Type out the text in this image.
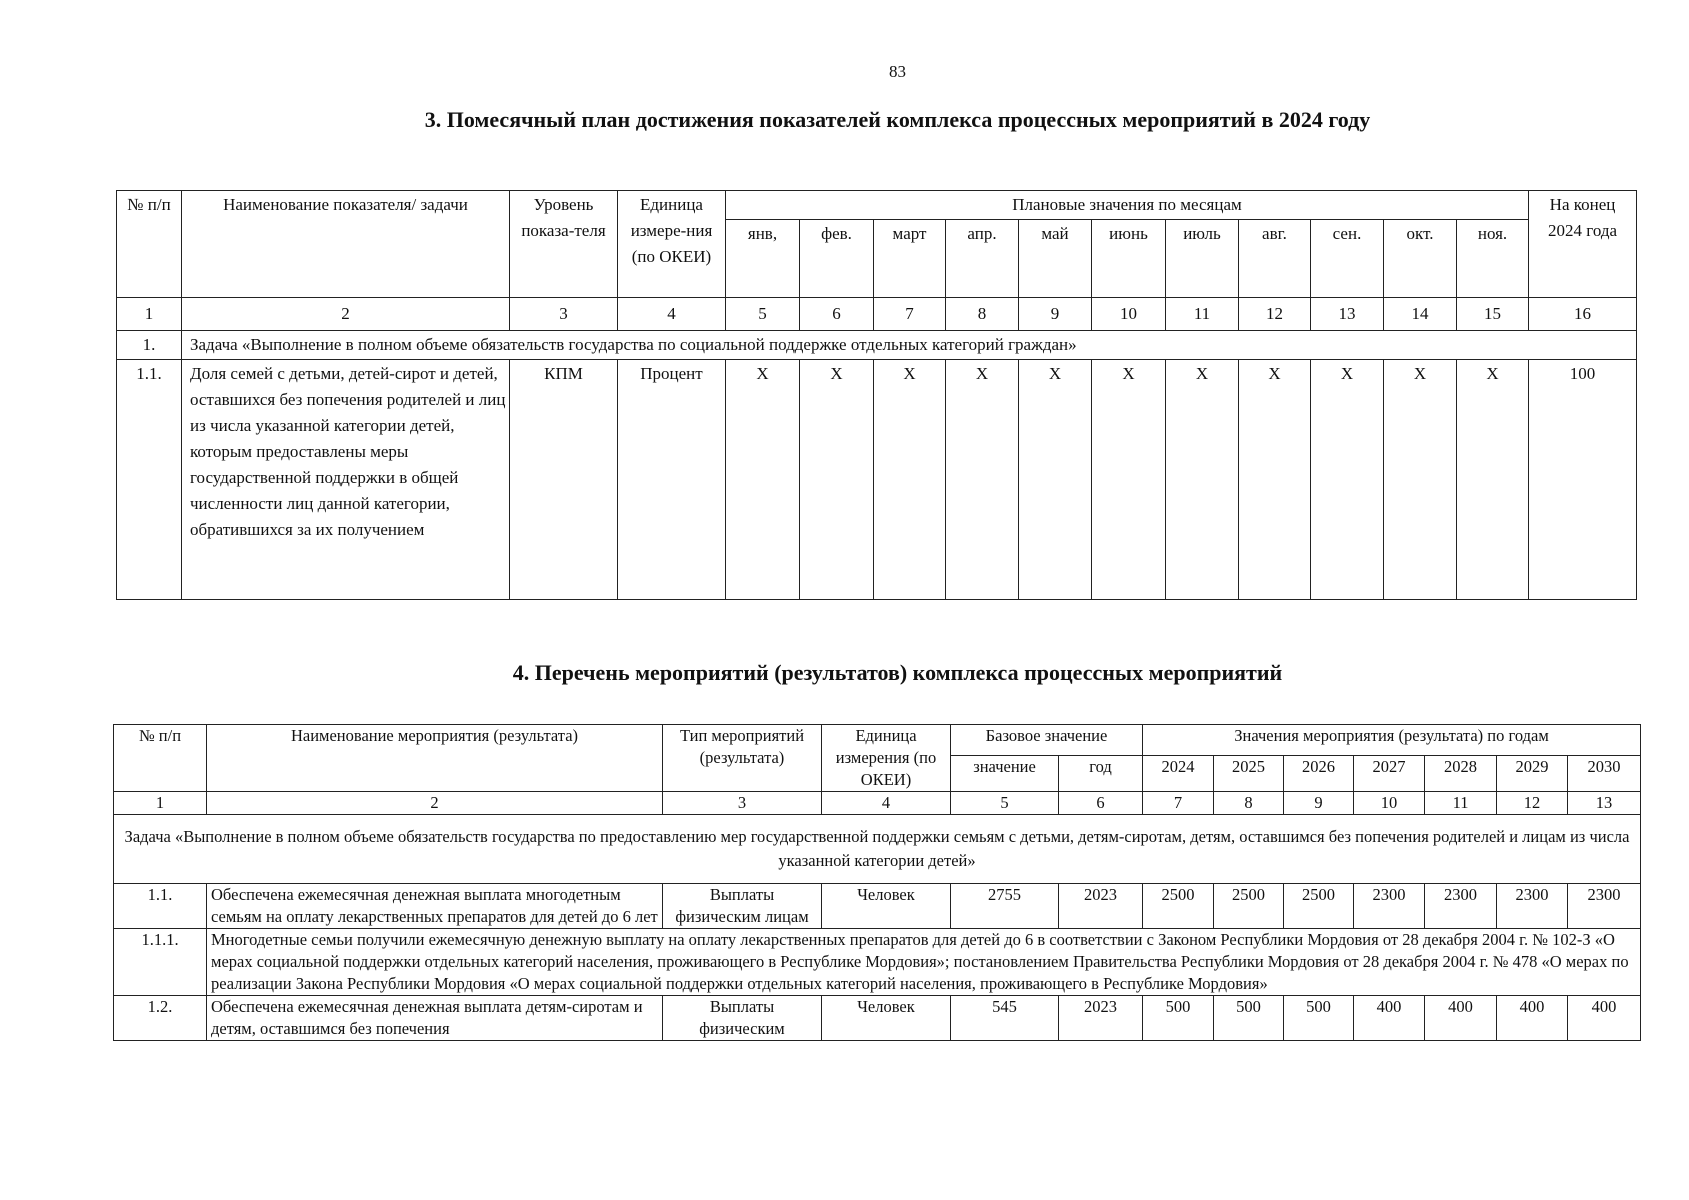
83
3. Помесячный план достижения показателей комплекса процессных мероприятий в 2024 году
№ п/п	Наименование показателя/ задачи	Уровень показа-теля	Единица измере-ния (по ОКЕИ)	Плановые значения по месяцам											На конец 2024 года
				янв,	фев.	март	апр.	май	июнь	июль	авг.	сен.	окт.	ноя.	
1	2	3	4	5	6	7	8	9	10	11	12	13	14	15	16
1.	Задача «Выполнение в полном объеме обязательств государства по социальной поддержке отдельных категорий граждан»														
1.1.	Доля семей с детьми, детей-сирот и детей, оставшихся без попечения родителей и лиц из числа указанной категории детей, которым предоставлены меры государственной поддержки в общей численности лиц данной категории, обратившихся за их получением	КПМ	Процент	X	X	X	X	X	X	X	X	X	X	X	100
4. Перечень мероприятий (результатов) комплекса процессных мероприятий
№ п/п	Наименование мероприятия (результата)	Тип мероприятий (результата)	Единица измерения (по ОКЕИ)	Базовое значение		Значения мероприятия (результата) по годам						
				значение	год	2024	2025	2026	2027	2028	2029	2030
1	2	3	4	5	6	7	8	9	10	11	12	13
Задача «Выполнение в полном объеме обязательств государства по предоставлению мер государственной поддержки семьям с детьми, детям-сиротам, детям, оставшимся без попечения родителей и лицам из числа указанной категории детей»												
1.1.	Обеспечена ежемесячная денежная выплата многодетным семьям на оплату лекарственных препаратов для детей до 6 лет	Выплаты физическим лицам	Человек	2755	2023	2500	2500	2500	2300	2300	2300	2300
1.1.1.	Многодетные семьи получили ежемесячную денежную выплату на оплату лекарственных препаратов для детей до 6 в соответствии с Законом Республики Мордовия от 28 декабря 2004 г. № 102-З «О мерах социальной поддержки отдельных категорий населения, проживающего в Республике Мордовия»; постановлением Правительства Республики Мордовия от 28 декабря 2004 г. № 478 «О мерах по реализации Закона Республики Мордовия «О мерах социальной поддержки отдельных категорий населения, проживающего в Республике Мордовия»											
1.2.	Обеспечена ежемесячная денежная выплата детям-сиротам и детям, оставшимся без попечения	Выплаты физическим	Человек	545	2023	500	500	500	400	400	400	400
